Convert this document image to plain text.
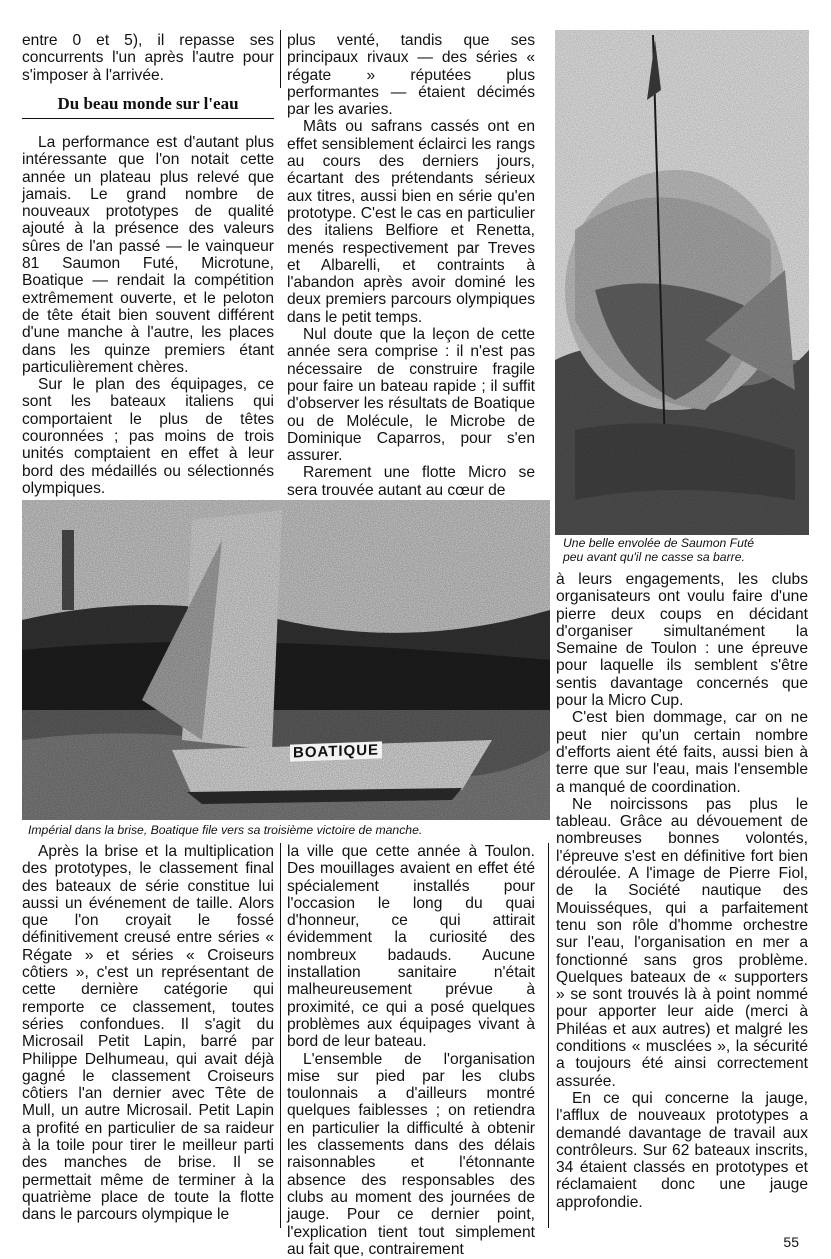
entre 0 et 5), il repasse ses concurrents l'un après l'autre pour s'imposer à l'arrivée.

Du beau monde sur l'eau

La performance est d'autant plus intéressante que l'on notait cette année un plateau plus relevé que jamais. Le grand nombre de nouveaux prototypes de qualité ajouté à la présence des valeurs sûres de l'an passé — le vainqueur 81 Saumon Futé, Microtune, Boatique — rendait la compétition extrêmement ouverte, et le peloton de tête était bien souvent différent d'une manche à l'autre, les places dans les quinze premiers étant particulièrement chères.

Sur le plan des équipages, ce sont les bateaux italiens qui comportaient le plus de têtes couronnées ; pas moins de trois unités comptaient en effet à leur bord des médaillés ou sélectionnés olympiques.

plus venté, tandis que ses principaux rivaux — des séries « régate » réputées plus performantes — étaient décimés par les avaries.

Mâts ou safrans cassés ont en effet sensiblement éclairci les rangs au cours des derniers jours, écartant des prétendants sérieux aux titres, aussi bien en série qu'en prototype. C'est le cas en particulier des italiens Belfiore et Renetta, menés respectivement par Treves et Albarelli, et contraints à l'abandon après avoir dominé les deux premiers parcours olympiques dans le petit temps.

Nul doute que la leçon de cette année sera comprise : il n'est pas nécessaire de construire fragile pour faire un bateau rapide ; il suffit d'observer les résultats de Boatique ou de Molécule, le Microbe de Dominique Caparros, pour s'en assurer.

Rarement une flotte Micro se sera trouvée autant au cœur de

Une belle envolée de Saumon Futé
peu avant qu'il ne casse sa barre.
BOATIQUE
Impérial dans la brise, Boatique file vers sa troisième victoire de manche.

à leurs engagements, les clubs organisateurs ont voulu faire d'une pierre deux coups en décidant d'organiser simultanément la Semaine de Toulon : une épreuve pour laquelle ils semblent s'être sentis davantage concernés que pour la Micro Cup.

C'est bien dommage, car on ne peut nier qu'un certain nombre d'efforts aient été faits, aussi bien à terre que sur l'eau, mais l'ensemble a manqué de coordination.

Ne noircissons pas plus le tableau. Grâce au dévouement de nombreuses bonnes volontés, l'épreuve s'est en définitive fort bien déroulée. A l'image de Pierre Fiol, de la Société nautique des Mouisséques, qui a parfaitement tenu son rôle d'homme orchestre sur l'eau, l'organisation en mer a fonctionné sans gros problème. Quelques bateaux de « supporters » se sont trouvés là à point nommé pour apporter leur aide (merci à Philéas et aux autres) et malgré les conditions « musclées », la sécurité a toujours été ainsi correctement assurée.

En ce qui concerne la jauge, l'afflux de nouveaux prototypes a demandé davantage de travail aux contrôleurs. Sur 62 bateaux inscrits, 34 étaient classés en prototypes et réclamaient donc une jauge approfondie.

Après la brise et la multiplication des prototypes, le classement final des bateaux de série constitue lui aussi un événement de taille. Alors que l'on croyait le fossé définitivement creusé entre séries « Régate » et séries « Croiseurs côtiers », c'est un représentant de cette dernière catégorie qui remporte ce classement, toutes séries confondues. Il s'agit du Microsail Petit Lapin, barré par Philippe Delhumeau, qui avait déjà gagné le classement Croiseurs côtiers l'an dernier avec Tête de Mull, un autre Microsail. Petit Lapin a profité en particulier de sa raideur à la toile pour tirer le meilleur parti des manches de brise. Il se permettait même de terminer à la quatrième place de toute la flotte dans le parcours olympique le

la ville que cette année à Toulon. Des mouillages avaient en effet été spécialement installés pour l'occasion le long du quai d'honneur, ce qui attirait évidemment la curiosité des nombreux badauds. Aucune installation sanitaire n'était malheureusement prévue à proximité, ce qui a posé quelques problèmes aux équipages vivant à bord de leur bateau.

L'ensemble de l'organisation mise sur pied par les clubs toulonnais a d'ailleurs montré quelques faiblesses ; on retiendra en particulier la difficulté à obtenir les classements dans des délais raisonnables et l'étonnante absence des responsables des clubs au moment des journées de jauge. Pour ce dernier point, l'explication tient tout simplement au fait que, contrairement	55
